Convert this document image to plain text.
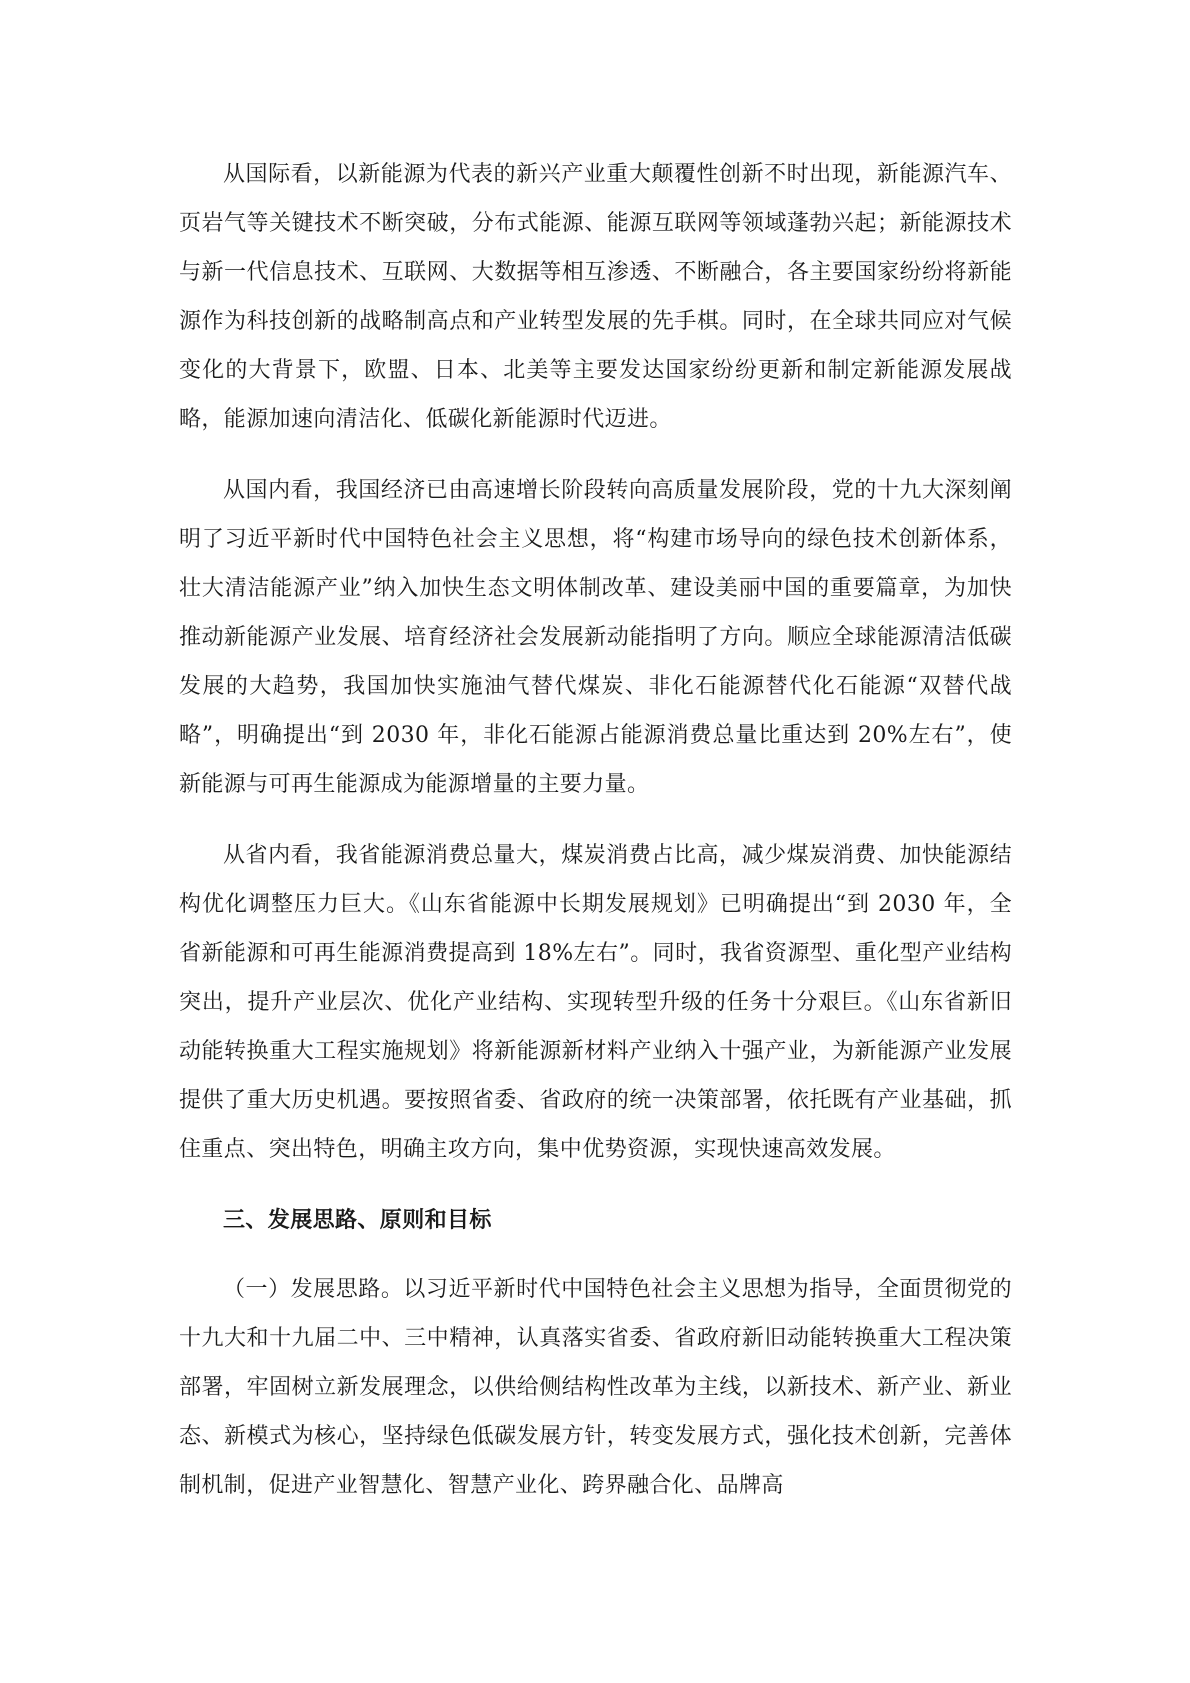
从国际看，以新能源为代表的新兴产业重大颠覆性创新不时出现，新能源汽车、页岩气等关键技术不断突破，分布式能源、能源互联网等领域蓬勃兴起；新能源技术与新一代信息技术、互联网、大数据等相互渗透、不断融合，各主要国家纷纷将新能源作为科技创新的战略制高点和产业转型发展的先手棋。同时，在全球共同应对气候变化的大背景下，欧盟、日本、北美等主要发达国家纷纷更新和制定新能源发展战略，能源加速向清洁化、低碳化新能源时代迈进。

从国内看，我国经济已由高速增长阶段转向高质量发展阶段，党的十九大深刻阐明了习近平新时代中国特色社会主义思想，将“构建市场导向的绿色技术创新体系，壮大清洁能源产业”纳入加快生态文明体制改革、建设美丽中国的重要篇章，为加快推动新能源产业发展、培育经济社会发展新动能指明了方向。顺应全球能源清洁低碳发展的大趋势，我国加快实施油气替代煤炭、非化石能源替代化石能源“双替代战略”，明确提出“到 2030 年，非化石能源占能源消费总量比重达到 20%左右”，使新能源与可再生能源成为能源增量的主要力量。

从省内看，我省能源消费总量大，煤炭消费占比高，减少煤炭消费、加快能源结构优化调整压力巨大。《山东省能源中长期发展规划》已明确提出“到 2030 年，全省新能源和可再生能源消费提高到 18%左右”。同时，我省资源型、重化型产业结构突出，提升产业层次、优化产业结构、实现转型升级的任务十分艰巨。《山东省新旧动能转换重大工程实施规划》将新能源新材料产业纳入十强产业，为新能源产业发展提供了重大历史机遇。要按照省委、省政府的统一决策部署，依托既有产业基础，抓住重点、突出特色，明确主攻方向，集中优势资源，实现快速高效发展。

三、发展思路、原则和目标

（一）发展思路。以习近平新时代中国特色社会主义思想为指导，全面贯彻党的十九大和十九届二中、三中精神，认真落实省委、省政府新旧动能转换重大工程决策部署，牢固树立新发展理念，以供给侧结构性改革为主线，以新技术、新产业、新业态、新模式为核心，坚持绿色低碳发展方针，转变发展方式，强化技术创新，完善体制机制，促进产业智慧化、智慧产业化、跨界融合化、品牌高
